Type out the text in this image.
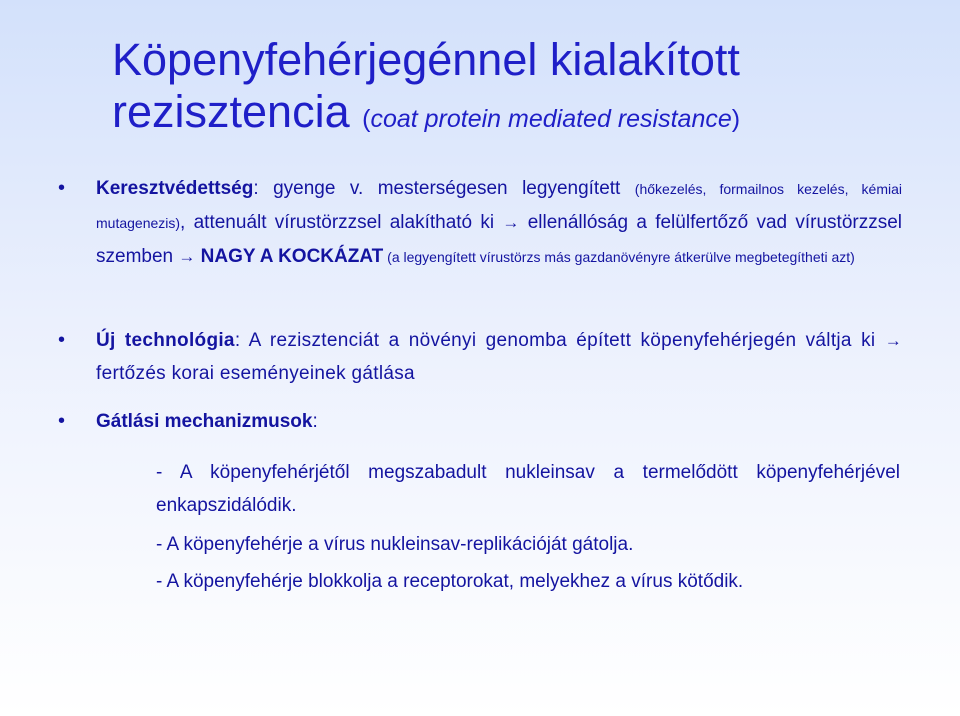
Köpenyfehérjegénnel kialakított
rezisztencia (coat protein mediated resistance)
• Keresztvédettség: gyenge v. mesterségesen legyengített (hőkezelés, formailnos kezelés, kémiai mutagenezis), attenuált vírustörzzsel alakítható ki → ellenállóság a felülfertőző vad vírustörzzsel szemben → NAGY A KOCKÁZAT (a legyengített vírustörzs más gazdanövényre átkerülve megbetegítheti azt)
• Új technológia: A rezisztenciát a növényi genomba épített köpenyfehérjegén váltja ki → fertőzés korai eseményeinek gátlása
• Gátlási mechanizmusok:
- A köpenyfehérjétől megszabadult nukleinsav a termelődött köpenyfehérjével enkapszidálódik.
- A köpenyfehérje a vírus nukleinsav-replikációját gátolja.
- A köpenyfehérje blokkolja a receptorokat, melyekhez a vírus kötődik.
